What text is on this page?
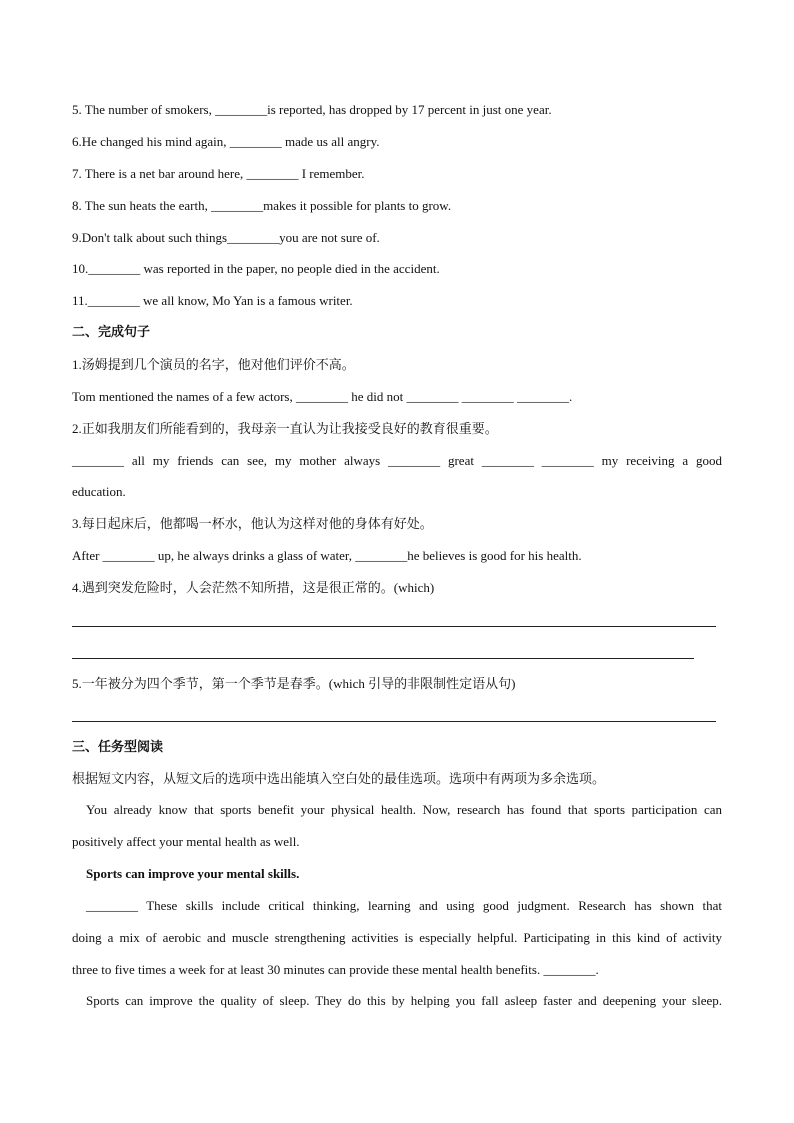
5. The number of smokers, ________is reported, has dropped by 17 percent in just one year.
6.He changed his mind again, ________ made us all angry.
7. There is a net bar around here, ________ I remember.
8. The sun heats the earth, ________makes it possible for plants to grow.
9.Don't talk about such things________you are not sure of.
10.________ was reported in the paper, no people died in the accident.
11.________ we all know, Mo Yan is a famous writer.
二、完成句子
1.汤姆提到几个演员的名字，他对他们评价不高。
Tom mentioned the names of a few actors, ________ he did not ________ ________ ________.
2.正如我朋友们所能看到的，我母亲一直认为让我接受良好的教育很重要。
________ all my friends can see, my mother always ________ great ________ ________ my receiving a good
education.
3.每日起床后，他都喝一杯水，他认为这样对他的身体有好处。
After ________ up, he always drinks a glass of water, ________he believes is good for his health.
4.遇到突发危险时，人会茫然不知所措，这是很正常的。(which)
5.一年被分为四个季节，第一个季节是春季。(which 引导的非限制性定语从句)
三、任务型阅读
根据短文内容，从短文后的选项中选出能填入空白处的最佳选项。选项中有两项为多余选项。
You already know that sports benefit your physical health. Now, research has found that sports participation can
positively affect your mental health as well.
Sports can improve your mental skills.
________ These skills include critical thinking, learning and using good judgment. Research has shown that
doing a mix of aerobic and muscle strengthening activities is especially helpful. Participating in this kind of activity
three to five times a week for at least 30 minutes can provide these mental health benefits. ________.
Sports can improve the quality of sleep. They do this by helping you fall asleep faster and deepening your sleep.
